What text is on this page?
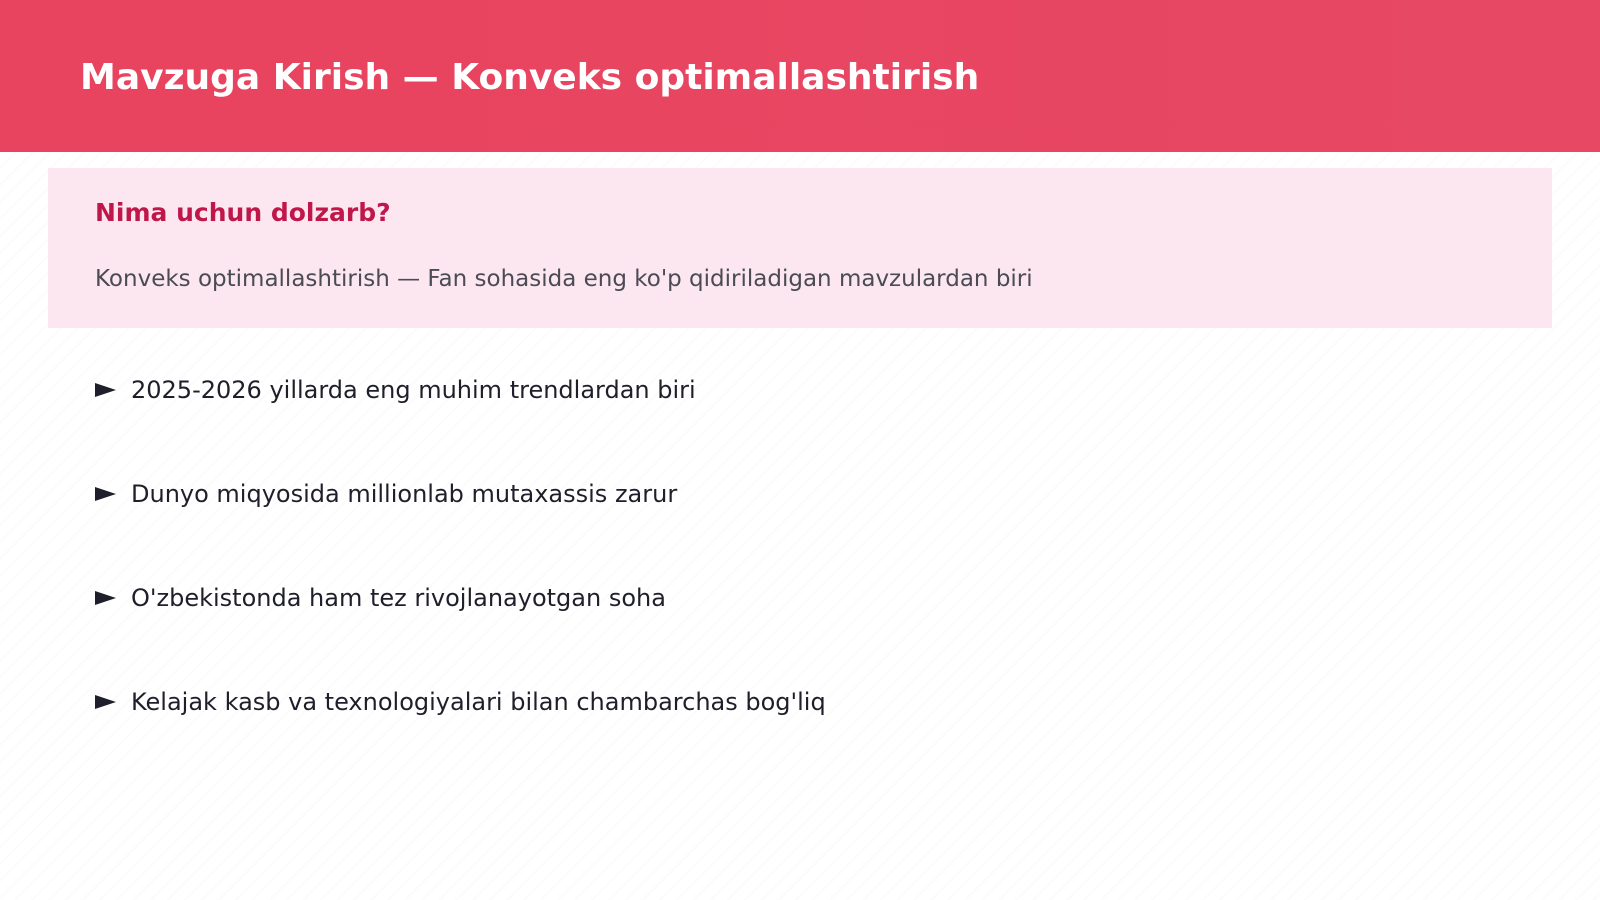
Mavzuga Kirish — Konveks optimallashtirish
Nima uchun dolzarb?

Konveks optimallashtirish — Fan sohasida eng ko'p qidiriladigan mavzulardan biri

2025-2026 yillarda eng muhim trendlardan biri
Dunyo miqyosida millionlab mutaxassis zarur
O'zbekistonda ham tez rivojlanayotgan soha
Kelajak kasb va texnologiyalari bilan chambarchas bog'liq
